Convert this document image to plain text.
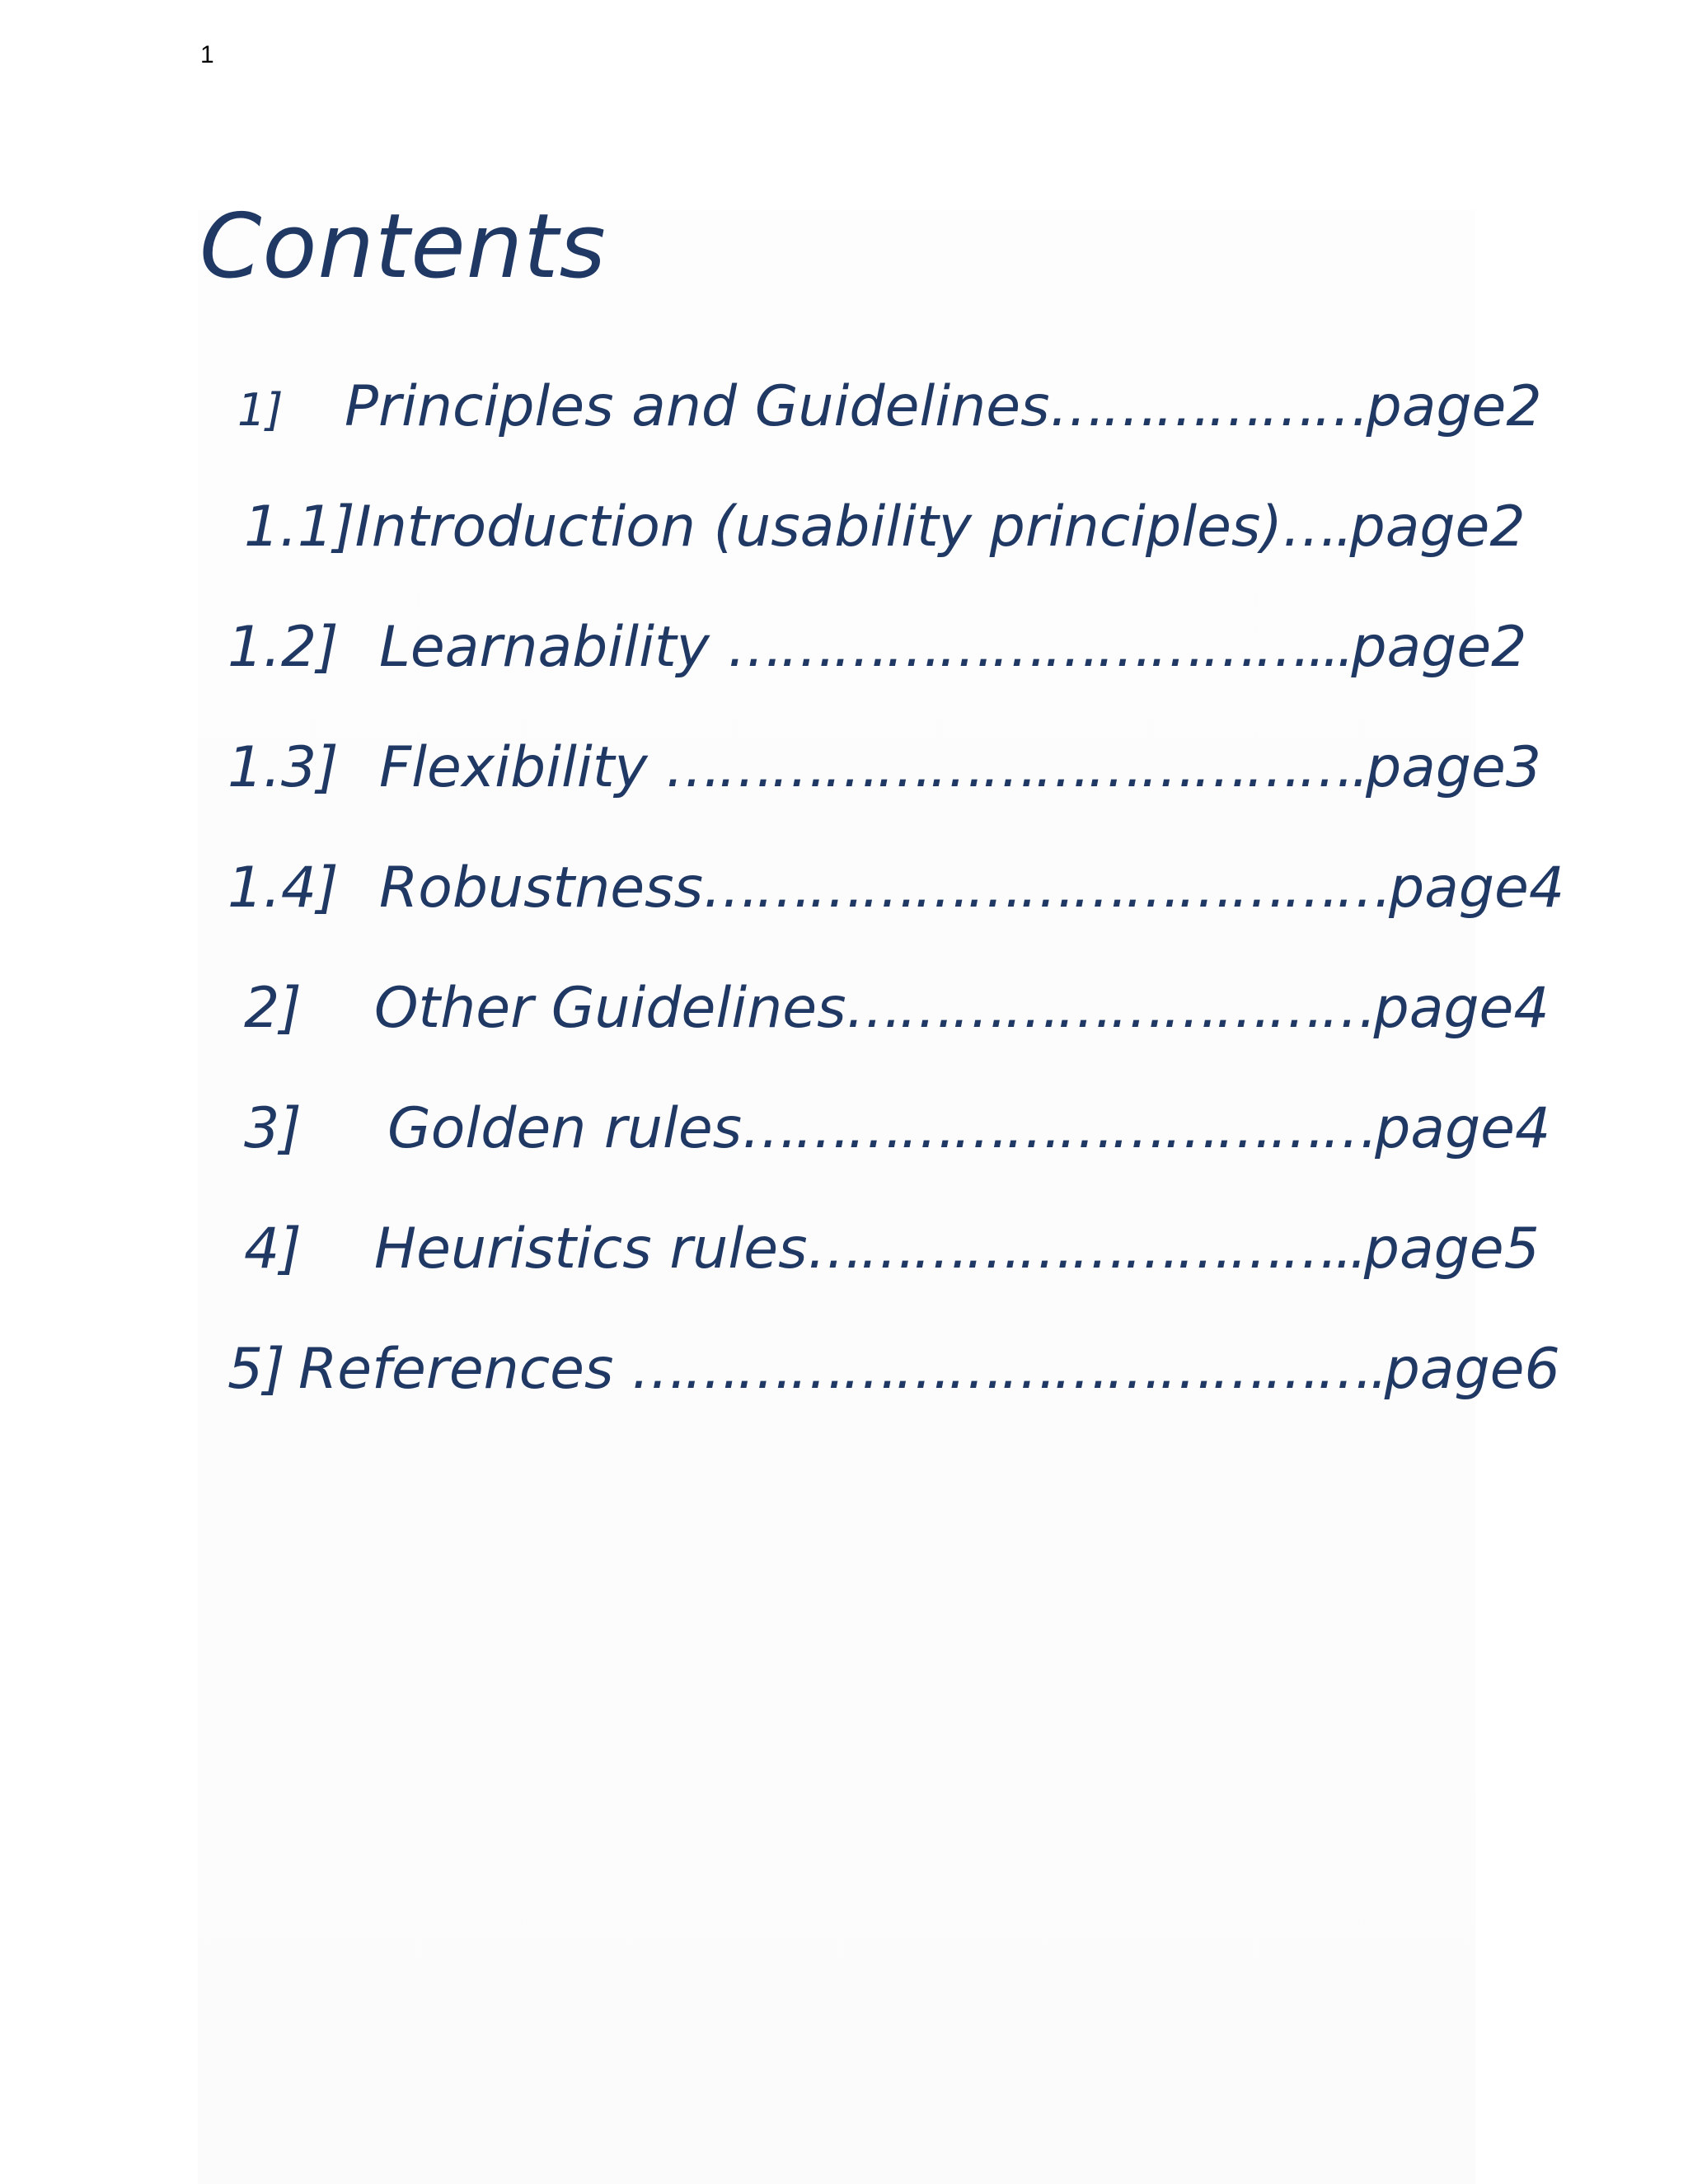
1
Contents
1] Principles and Guidelines………………page2
1.1]Introduction (usability principles)….page2
1.2] Learnability ……………………………...page2
1.3] Flexibility ………………………………….page3
1.4] Robustness…………………………………page4
2] Other Guidelines…………………………page4
3] Golden rules………………………………page4
4] Heuristics rules…………………………..page5
5] References …………………………………….page6
